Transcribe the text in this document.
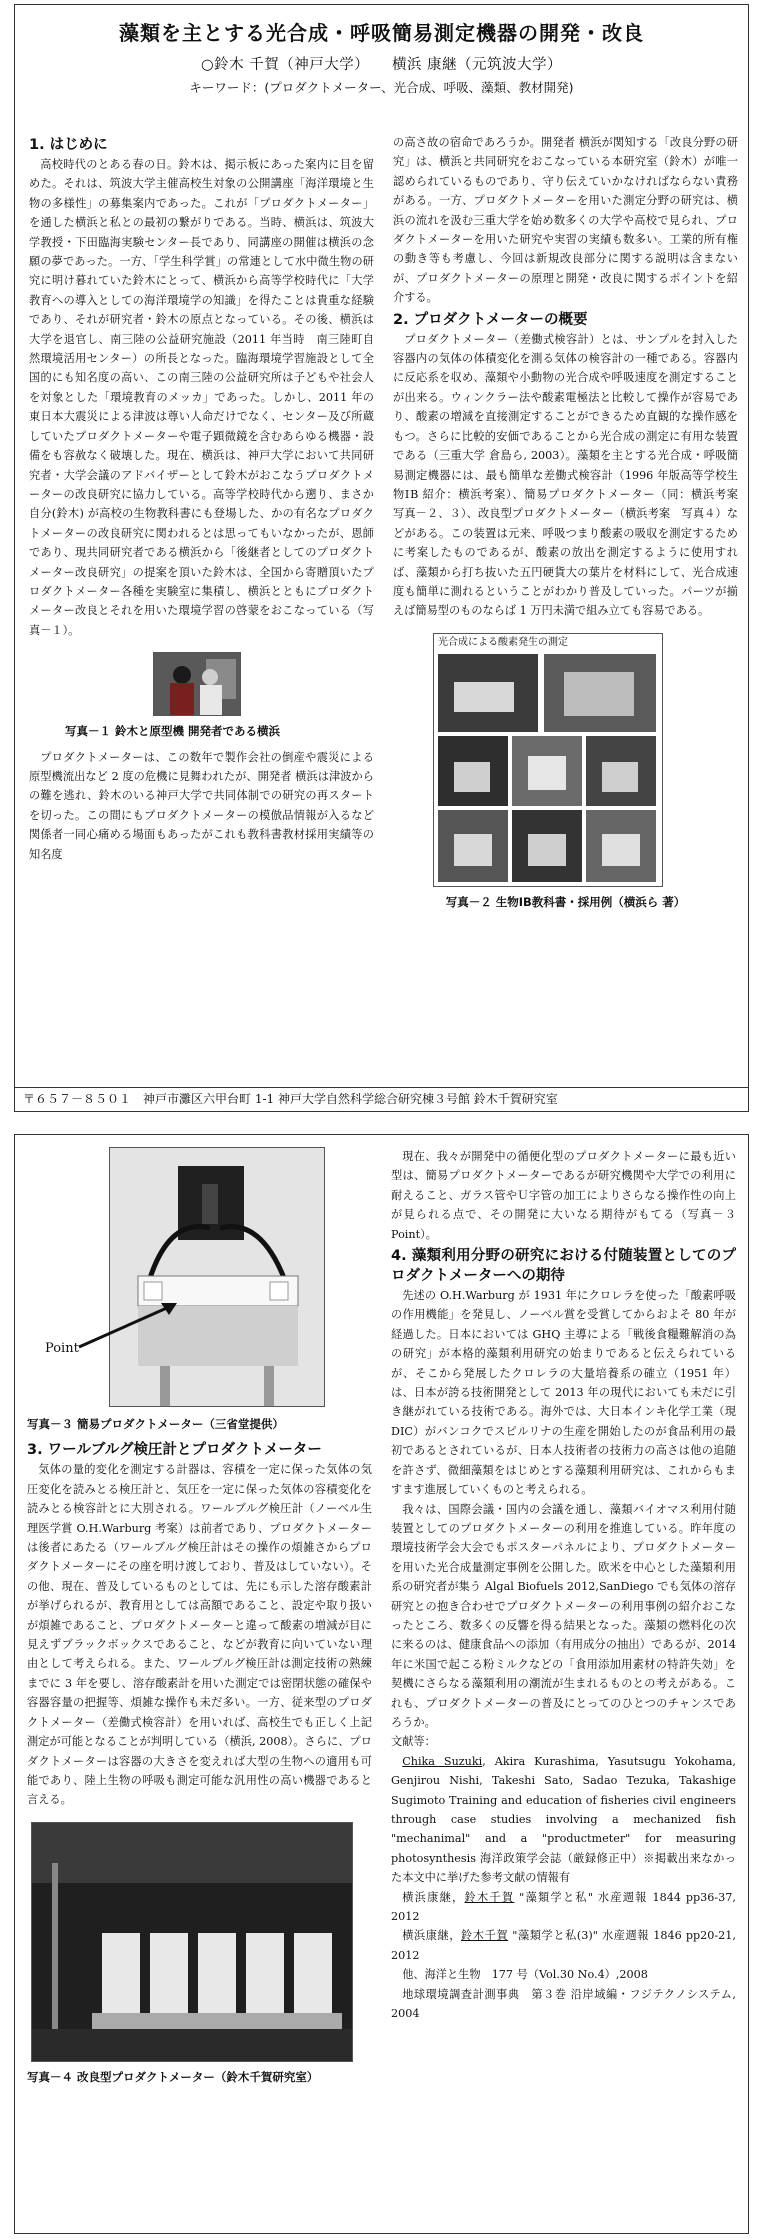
藻類を主とする光合成・呼吸簡易測定機器の開発・改良
○鈴木 千賀（神戸大学）　　横浜 康継（元筑波大学）
キーワード：(プロダクトメーター、光合成、呼吸、藻類、教材開発)
1. はじめに

高校時代のとある春の日。鈴木は、掲示板にあった案内に目を留めた。それは、筑波大学主催高校生対象の公開講座「海洋環境と生物の多様性」の募集案内であった。これが「プロダクトメーター」を通した横浜と私との最初の繋がりである。当時、横浜は、筑波大学教授・下田臨海実験センター長であり、同講座の開催は横浜の念願の夢であった。一方、「学生科学賞」の常連として水中微生物の研究に明け暮れていた鈴木にとって、横浜から高等学校時代に「大学教育への導入としての海洋環境学の知識」を得たことは貴重な経験であり、それが研究者・鈴木の原点となっている。その後、横浜は大学を退官し、南三陸の公益研究施設（2011 年当時　南三陸町自然環境活用センター）の所長となった。臨海環境学習施設として全国的にも知名度の高い、この南三陸の公益研究所は子どもや社会人を対象とした「環境教育のメッカ」であった。しかし、2011 年の東日本大震災による津波は尊い人命だけでなく、センター及び所蔵していたプロダクトメーターや電子顕微鏡を含むあらゆる機器・設備をも容赦なく破壊した。現在、横浜は、神戸大学において共同研究者・大学会議のアドバイザーとして鈴木がおこなうプロダクトメーターの改良研究に協力している。高等学校時代から遡り、まさか自分(鈴木) が高校の生物教科書にも登場した、かの有名なプロダクトメーターの改良研究に関われるとは思ってもいなかったが、恩師であり、現共同研究者である横浜から「後継者としてのプロダクトメーター改良研究」の提案を頂いた鈴木は、全国から寄贈頂いたプロダクトメーター各種を実験室に集積し、横浜とともにプロダクトメーター改良とそれを用いた環境学習の啓蒙をおこなっている（写真－１）。

写真－１ 鈴木と原型機 開発者である横浜

プロダクトメーターは、この数年で製作会社の倒産や震災による原型機流出など 2 度の危機に見舞われたが、開発者 横浜は津波からの難を逃れ、鈴木のいる神戸大学で共同体制での研究の再スタートを切った。この間にもプロダクトメーターの模倣品情報が入るなど関係者一同心痛める場面もあったがこれも教科書教材採用実績等の知名度

の高さ故の宿命であろうか。開発者 横浜が関知する「改良分野の研究」は、横浜と共同研究をおこなっている本研究室（鈴木）が唯一認められているものであり、守り伝えていかなければならない責務がある。一方、プロダクトメーターを用いた測定分野の研究は、横浜の流れを汲む三重大学を始め数多くの大学や高校で見られ、プロダクトメーターを用いた研究や実習の実績も数多い。工業的所有権の動き等も考慮し、今回は新規改良部分に関する説明は含まないが、プロダクトメーターの原理と開発・改良に関するポイントを紹介する。

2. プロダクトメーターの概要

プロダクトメーター（差働式検容計）とは、サンプルを封入した容器内の気体の体積変化を測る気体の検容計の一種である。容器内に反応系を収め、藻類や小動物の光合成や呼吸速度を測定することが出来る。ウィンクラー法や酸素電極法と比較して操作が容易であり、酸素の増減を直接測定することができるため直観的な操作感をもつ。さらに比較的安価であることから光合成の測定に有用な装置である（三重大学 倉島ら, 2003）。藻類を主とする光合成・呼吸簡易測定機器には、最も簡単な差働式検容計（1996 年版高等学校生物ⅠB 紹介：横浜考案）、簡易プロダクトメーター（同：横浜考案　写真－２、３）、改良型プロダクトメーター（横浜考案　写真４）などがある。この装置は元来、呼吸つまり酸素の吸収を測定するために考案したものであるが、酸素の放出を測定するように使用すれば、藻類から打ち抜いた五円硬貨大の葉片を材料にして、光合成速度も簡単に測れるということがわかり普及していった。パーツが揃えば簡易型のものならば 1 万円未満で組み立ても容易である。

光合成による酸素発生の測定
写真－２ 生物ⅠB教科書・採用例（横浜ら 著）
〒６５７－８５０１　神戸市灘区六甲台町 1-1 神戸大学自然科学総合研究棟３号館 鈴木千賀研究室
Point
写真－３ 簡易プロダクトメーター（三省堂提供）
3. ワールブルグ検圧計とプロダクトメーター

気体の量的変化を測定する計器は、容積を一定に保った気体の気圧変化を読みとる検圧計と、気圧を一定に保った気体の容積変化を読みとる検容計とに大別される。ワールブルグ検圧計（ノーベル生理医学賞 O.H.Warburg 考案）は前者であり、プロダクトメーターは後者にあたる（ワールブルグ検圧計はその操作の煩雑さからプロダクトメーターにその座を明け渡しており、普及はしていない）。その他、現在、普及しているものとしては、先にも示した溶存酸素計が挙げられるが、教育用としては高額であること、設定や取り扱いが煩雑であること、プロダクトメーターと違って酸素の増減が目に見えずブラックボックスであること、などが教育に向いていない理由として考えられる。また、ワールブルグ検圧計は測定技術の熟練までに 3 年を要し、溶存酸素計を用いた測定では密閉状態の確保や容器容量の把握等、煩雑な操作も未だ多い。一方、従来型のプロダクトメーター（差働式検容計）を用いれば、高校生でも正しく上記測定が可能となることが判明している（横浜, 2008）。さらに、プロダクトメーターは容器の大きさを変えれば大型の生物への適用も可能であり、陸上生物の呼吸も測定可能な汎用性の高い機器であると言える。

写真－４ 改良型プロダクトメーター（鈴木千賀研究室）

現在、我々が開発中の循便化型のプロダクトメーターに最も近い型は、簡易プロダクトメーターであるが研究機関や大学での利用に耐えること、ガラス管やＵ字管の加工によりさらなる操作性の向上が見られる点で、その開発に大いなる期待がもてる（写真－３ Point）。

4. 藻類利用分野の研究における付随装置としてのプロダクトメーターへの期待

先述の O.H.Warburg が 1931 年にクロレラを使った「酸素呼吸の作用機能」を発見し、ノーベル賞を受賞してからおよそ 80 年が経過した。日本においては GHQ 主導による「戦後食糧難解消の為の研究」が本格的藻類利用研究の始まりであると伝えられているが、そこから発展したクロレラの大量培養系の確立（1951 年）は、日本が誇る技術開発として 2013 年の現代においても未だに引き継がれている技術である。海外では、大日本インキ化学工業（現 DIC）がバンコクでスピルリナの生産を開始したのが食品利用の最初であるとされているが、日本人技術者の技術力の高さは他の追随を許さず、微細藻類をはじめとする藻類利用研究は、これからもますます進展していくものと考えられる。

我々は、国際会議・国内の会議を通し、藻類バイオマス利用付随装置としてのプロダクトメーターの利用を推進している。昨年度の環境技術学会大会でもポスターパネルにより、プロダクトメーターを用いた光合成量測定事例を公開した。欧米を中心とした藻類利用系の研究者が集う Algal Biofuels 2012,SanDiego でも気体の溶存研究との抱き合わせでプロダクトメーターの利用事例の紹介おこなったところ、数多くの反響を得る結果となった。藻類の燃料化の次に来るのは、健康食品への添加（有用成分の抽出）であるが、2014 年に米国で起こる粉ミルクなどの「食用添加用素材の特許失効」を契機にさらなる藻類利用の潮流が生まれるものとの考えがある。これも、プロダクトメーターの普及にとってのひとつのチャンスであろうか。

文献等：

Chika Suzuki, Akira Kurashima, Yasutsugu Yokohama, Genjirou Nishi, Takeshi Sato, Sadao Tezuka, Takashige Sugimoto Training and education of fisheries civil engineers through case studies involving a mechanized fish "mechanimal" and a "productmeter" for measuring photosynthesis 海洋政策学会誌（厳録修正中）※掲載出来なかった本文中に挙げた参考文献の情報有

横浜康継，鈴木千賀 "藻類学と私" 水産週報 1844 pp36-37, 2012

横浜康継，鈴木千賀 "藻類学と私(3)" 水産週報 1846 pp20-21, 2012

他、海洋と生物　177 号（Vol.30 No.4）,2008

地球環境調査計測事典　第３巻 沿岸域編・フジテクノシステム, 2004
